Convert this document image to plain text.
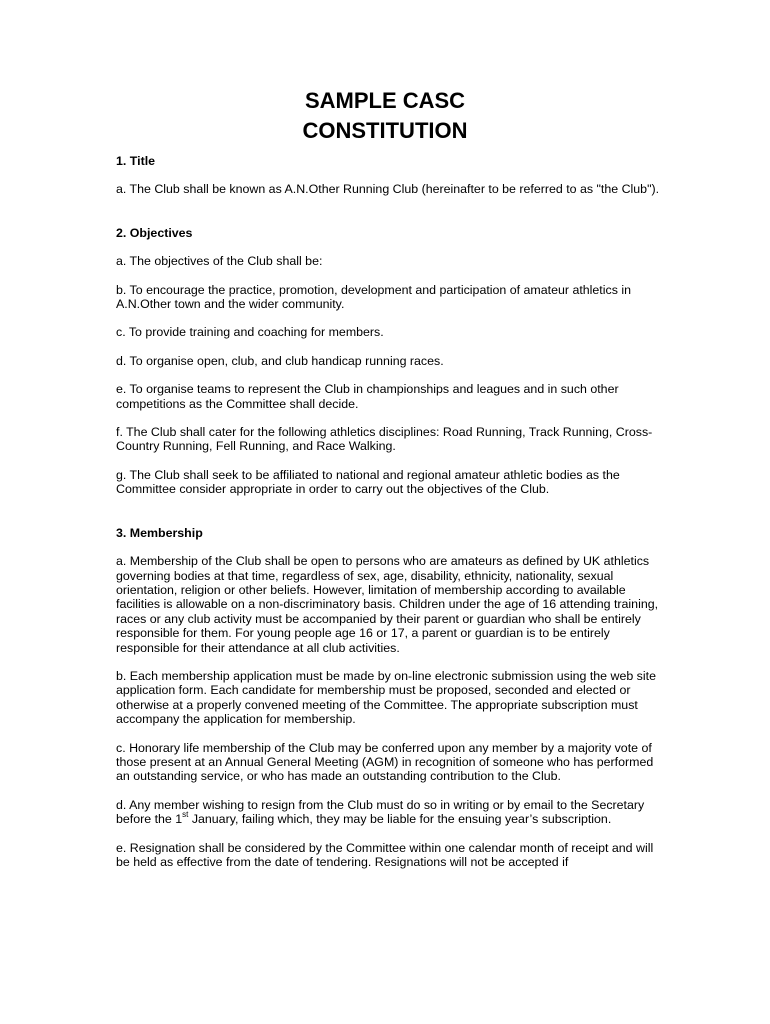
SAMPLE CASC
CONSTITUTION

1. Title

a. The Club shall be known as A.N.Other Running Club (hereinafter to be referred to as "the Club").

2. Objectives

a. The objectives of the Club shall be:

b. To encourage the practice, promotion, development and participation of amateur athletics in A.N.Other town and the wider community.

c. To provide training and coaching for members.

d. To organise open, club, and club handicap running races.

e. To organise teams to represent the Club in championships and leagues and in such other competitions as the Committee shall decide.

f. The Club shall cater for the following athletics disciplines: Road Running, Track Running, Cross-Country Running, Fell Running, and Race Walking.

g. The Club shall seek to be affiliated to national and regional amateur athletic bodies as the Committee consider appropriate in order to carry out the objectives of the Club.

3. Membership

a. Membership of the Club shall be open to persons who are amateurs as defined by UK athletics governing bodies at that time, regardless of sex, age, disability, ethnicity, nationality, sexual orientation, religion or other beliefs. However, limitation of membership according to available facilities is allowable on a non-discriminatory basis. Children under the age of 16 attending training, races or any club activity must be accompanied by their parent or guardian who shall be entirely responsible for them. For young people age 16 or 17, a parent or guardian is to be entirely responsible for their attendance at all club activities.

b. Each membership application must be made by on-line electronic submission using the web site application form. Each candidate for membership must be proposed, seconded and elected or otherwise at a properly convened meeting of the Committee. The appropriate subscription must accompany the application for membership.

c. Honorary life membership of the Club may be conferred upon any member by a majority vote of those present at an Annual General Meeting (AGM) in recognition of someone who has performed an outstanding service, or who has made an outstanding contribution to the Club.

d. Any member wishing to resign from the Club must do so in writing or by email to the Secretary before the 1st January, failing which, they may be liable for the ensuing year’s subscription.

e. Resignation shall be considered by the Committee within one calendar month of receipt and will be held as effective from the date of tendering. Resignations will not be accepted if
